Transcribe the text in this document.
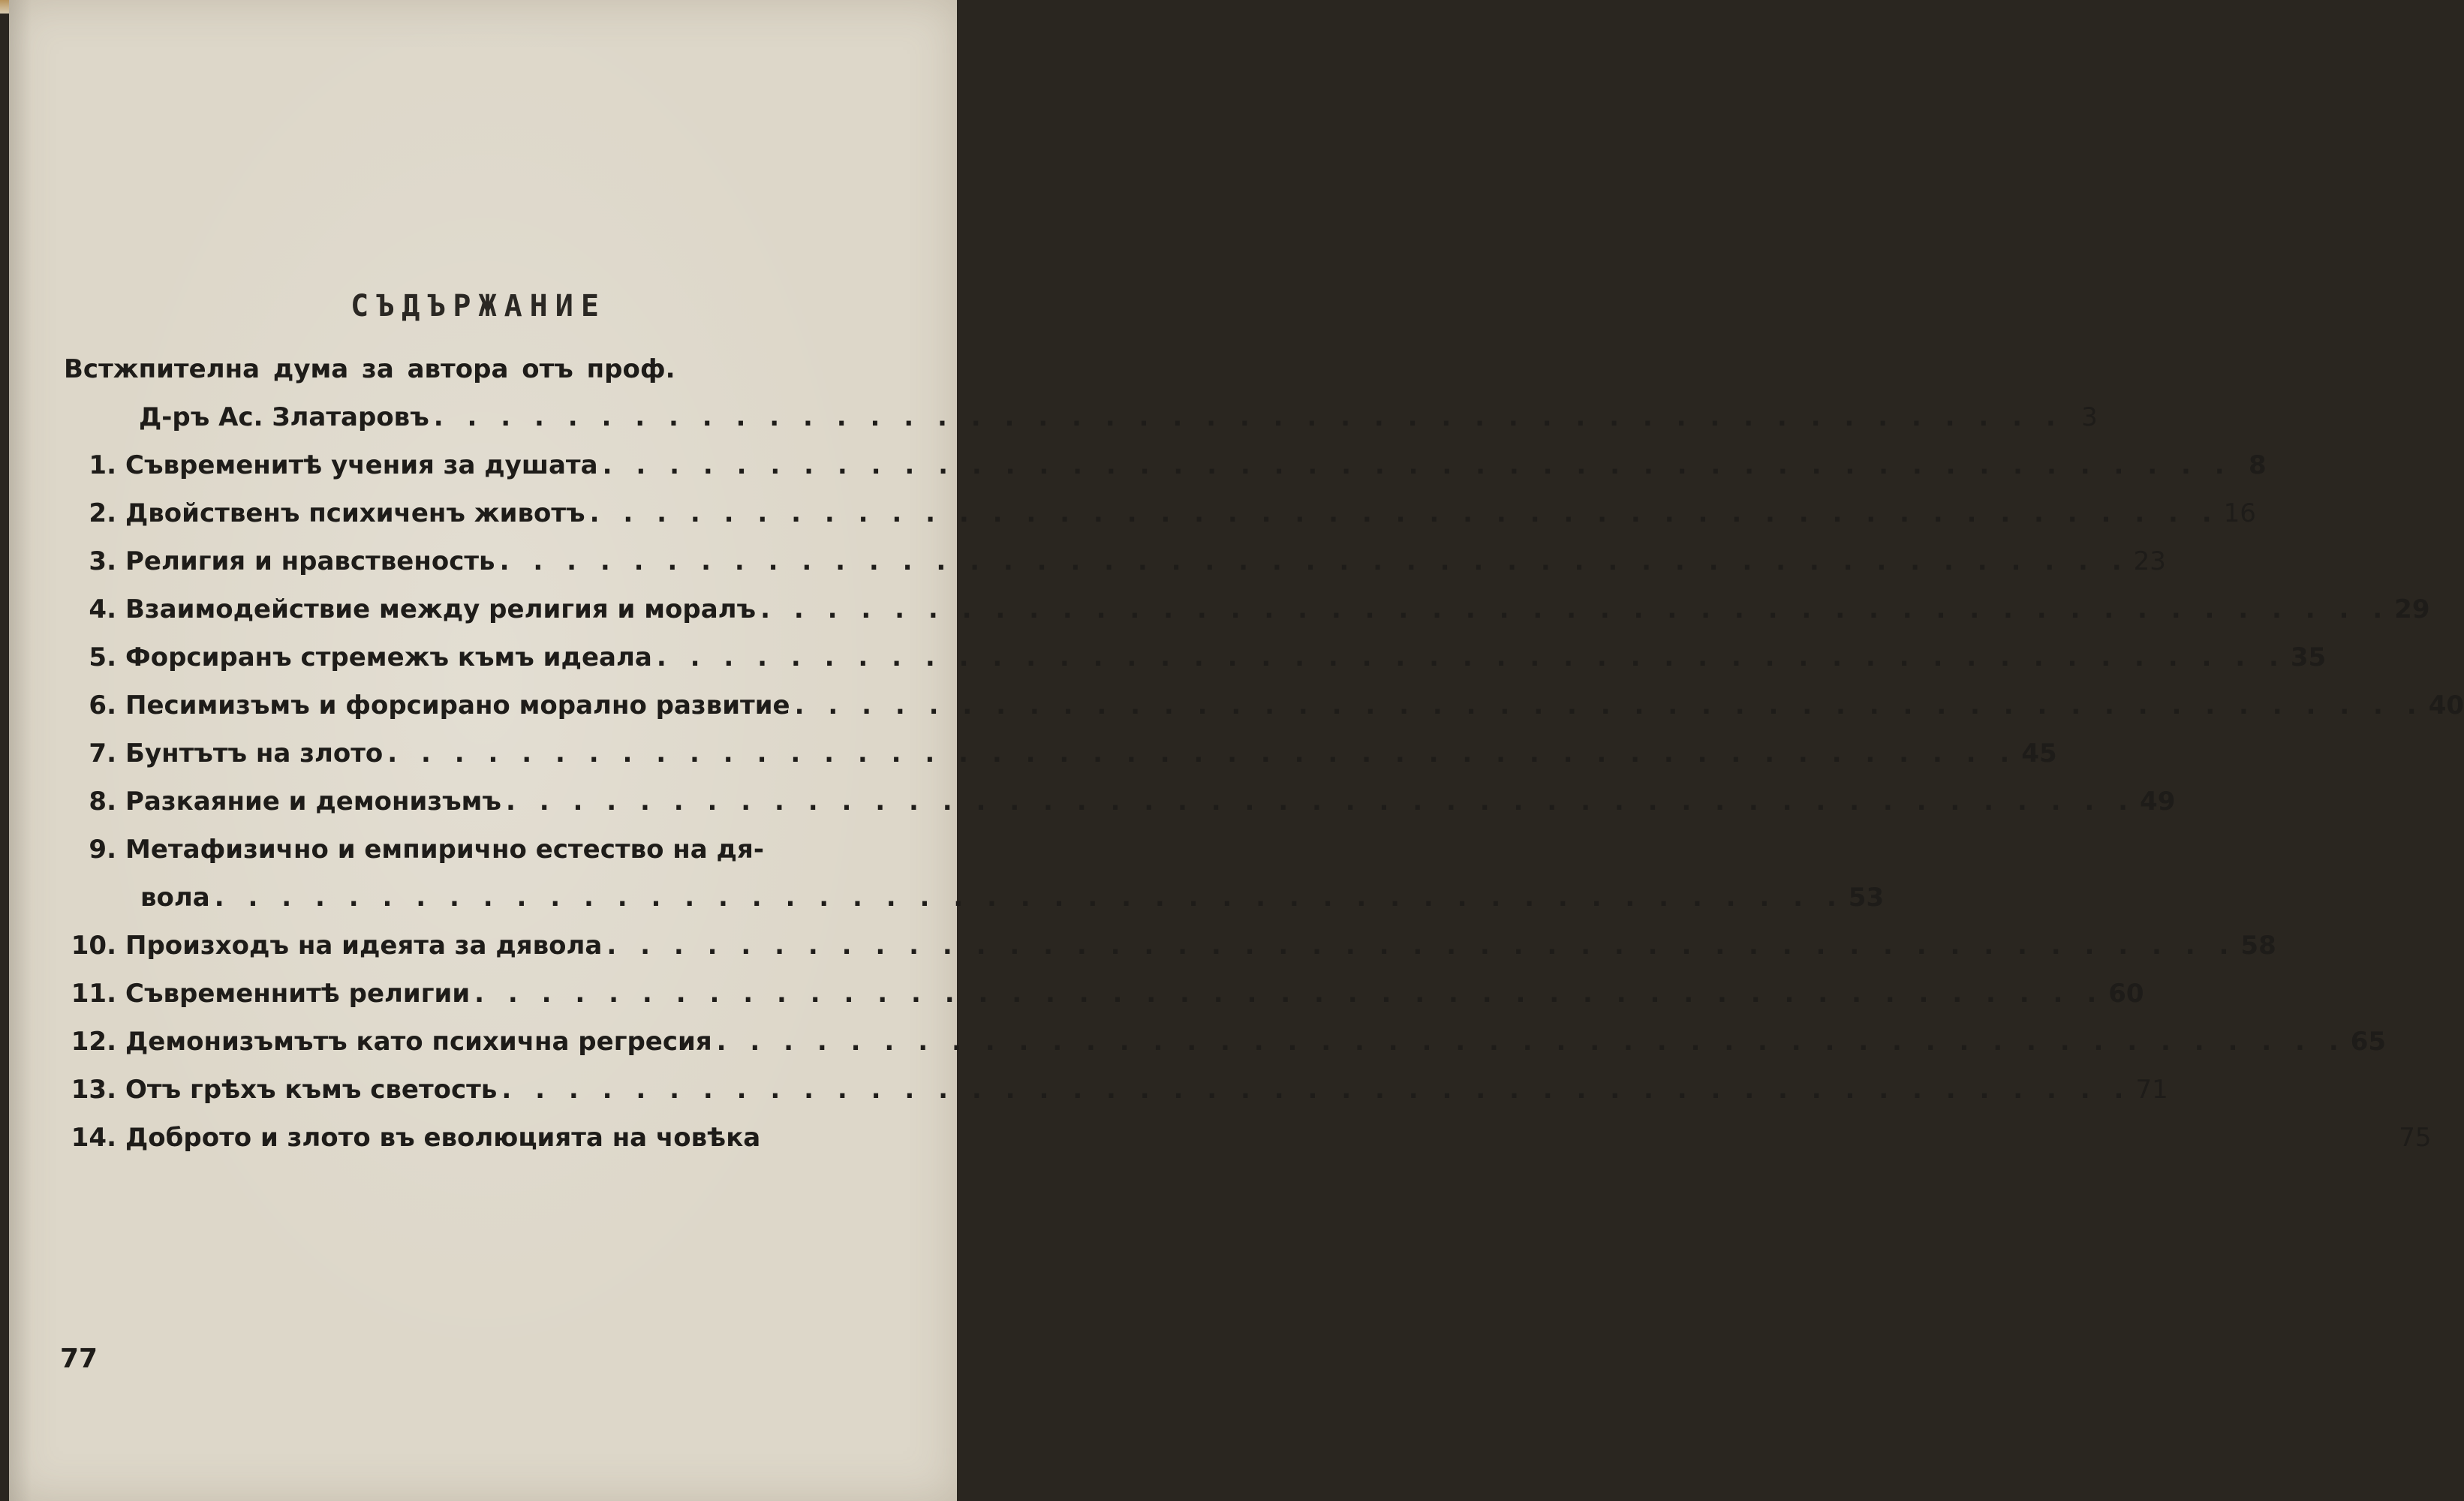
СЪДЪРЖАНИЕ
Встжпителна дума за автора отъ проф.
Д-ръ Ас. Златаровъ . . .	3
1. Съвременитѣ учения за душата . . .	8
2. Двойственъ психиченъ животъ . . .	16
3. Религия и нравственость . . .	23
4. Взаимодействие между религия и моралъ . . .	29
5. Форсиранъ стремежъ къмъ идеала . . .	35
6. Песимизъмъ и форсирано морално развитие . . .	40
7. Бунтътъ на злото . . .	45
8. Разкаяние и демонизъмъ . . .	49
9. Метафизично и емпирично естество на дя-
вола . . .	53
10. Произходъ на идеята за дявола . . .	58
11. Съвременнитѣ религии . . .	60
12. Демонизъмътъ като психична регресия . . .	65
13. Отъ грѣхъ къмъ светость . . .	71
14. Доброто и злото въ еволюцията на човѣка	75
77
